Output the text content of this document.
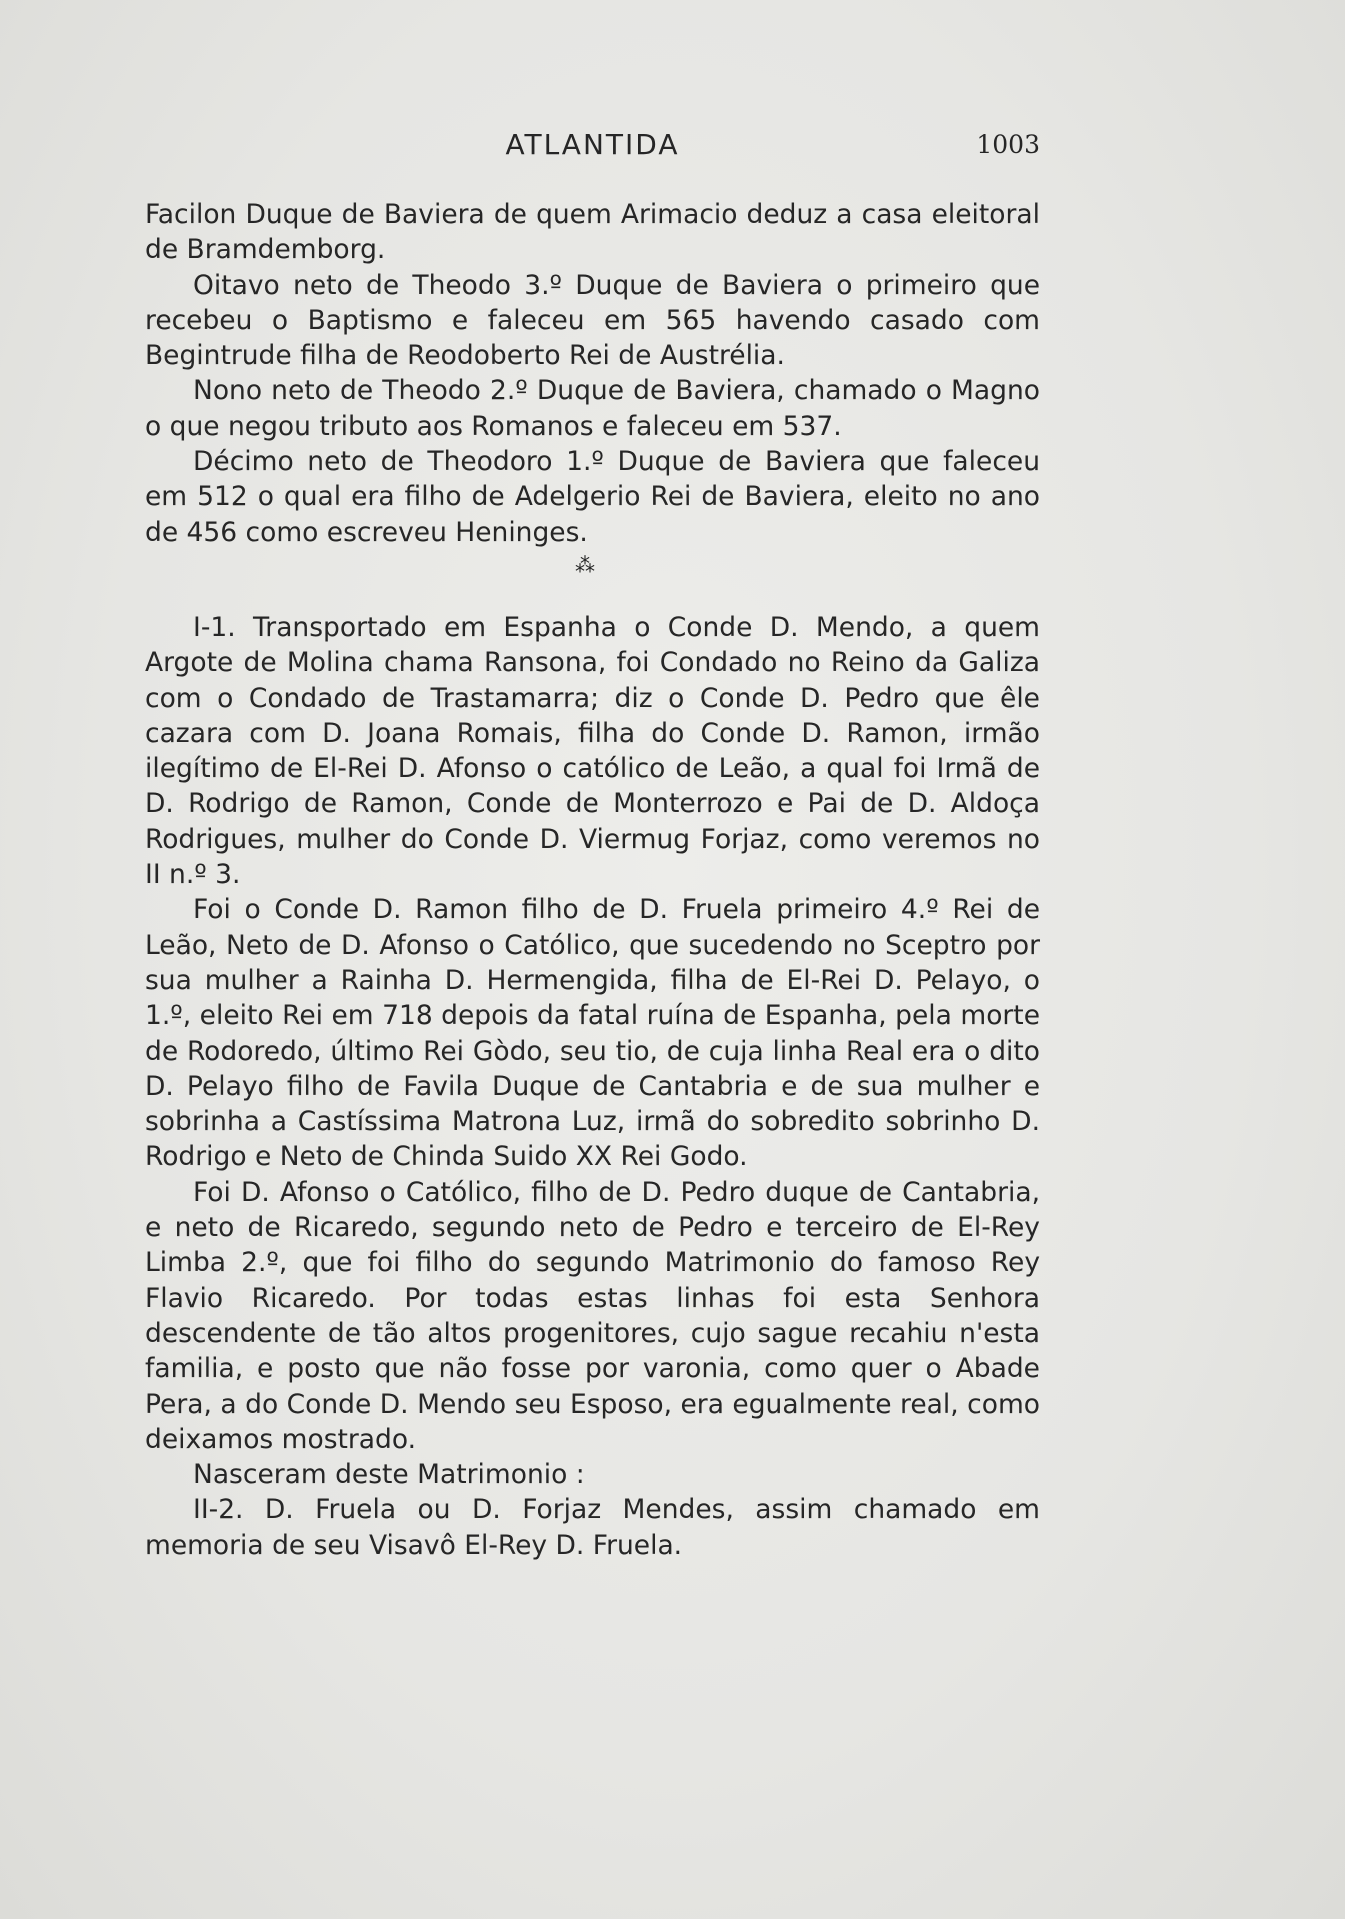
ATLANTIDA	1003

Facilon Duque de Baviera de quem Arimacio deduz a casa eleitoral de Bramdemborg.

Oitavo neto de Theodo 3.º Duque de Baviera o primeiro que recebeu o Baptismo e faleceu em 565 havendo casado com Begintrude filha de Reodoberto Rei de Austrélia.

Nono neto de Theodo 2.º Duque de Baviera, chamado o Magno o que negou tributo aos Romanos e faleceu em 537.

Décimo neto de Theodoro 1.º Duque de Baviera que faleceu em 512 o qual era filho de Adelgerio Rei de Baviera, eleito no ano de 456 como escreveu Heninges.

⁂

I-1. Transportado em Espanha o Conde D. Mendo, a quem Argote de Molina chama Ransona, foi Condado no Reino da Galiza com o Condado de Trastamarra; diz o Conde D. Pedro que êle cazara com D. Joana Romais, filha do Conde D. Ramon, irmão ilegítimo de El-Rei D. Afonso o católico de Leão, a qual foi Irmã de D. Rodrigo de Ramon, Conde de Monterrozo e Pai de D. Aldoça Rodrigues, mulher do Conde D. Viermug Forjaz, como veremos no II n.º 3.

Foi o Conde D. Ramon filho de D. Fruela primeiro 4.º Rei de Leão, Neto de D. Afonso o Católico, que sucedendo no Sceptro por sua mulher a Rainha D. Hermengida, filha de El-Rei D. Pelayo, o 1.º, eleito Rei em 718 depois da fatal ruína de Espanha, pela morte de Rodoredo, último Rei Gòdo, seu tio, de cuja linha Real era o dito D. Pelayo filho de Favila Duque de Cantabria e de sua mulher e sobrinha a Castíssima Matrona Luz, irmã do sobredito sobrinho D. Rodrigo e Neto de Chinda Suido XX Rei Godo.

Foi D. Afonso o Católico, filho de D. Pedro duque de Cantabria, e neto de Ricaredo, segundo neto de Pedro e terceiro de El-Rey Limba 2.º, que foi filho do segundo Matrimonio do famoso Rey Flavio Ricaredo. Por todas estas linhas foi esta Senhora descendente de tão altos progenitores, cujo sague recahiu n'esta familia, e posto que não fosse por varonia, como quer o Abade Pera, a do Conde D. Mendo seu Esposo, era egualmente real, como deixamos mostrado.

Nasceram deste Matrimonio :

II-2. D. Fruela ou D. Forjaz Mendes, assim chamado em memoria de seu Visavô El-Rey D. Fruela.
